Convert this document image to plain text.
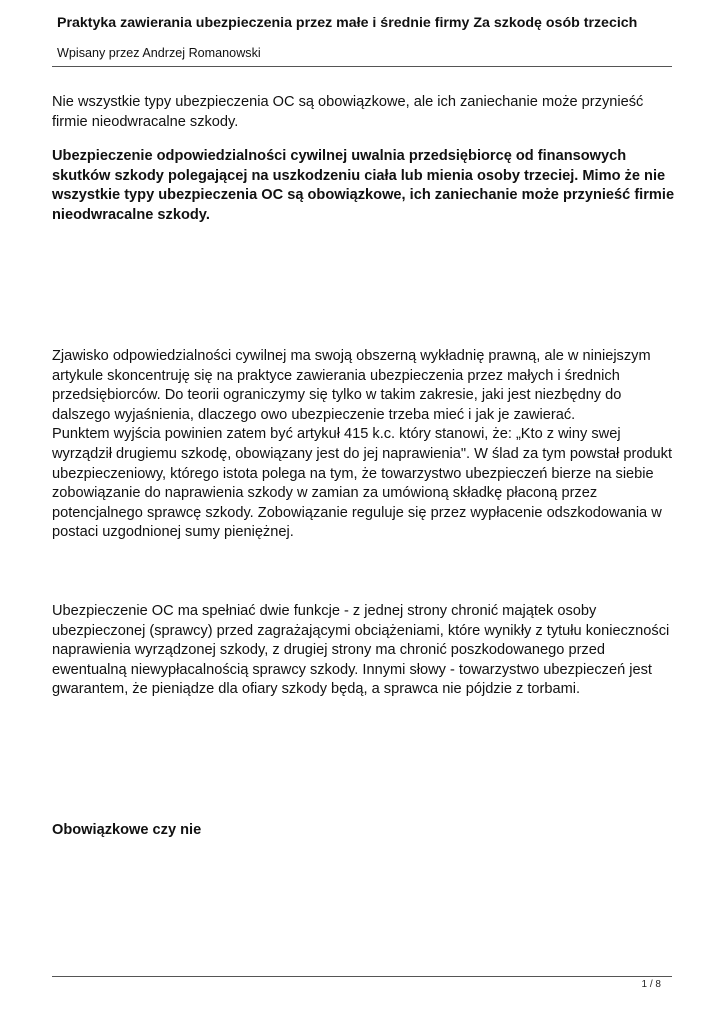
Praktyka zawierania ubezpieczenia przez małe i średnie firmy Za szkodę osób trzecich
Wpisany przez Andrzej Romanowski
Nie wszystkie typy ubezpieczenia OC są obowiązkowe, ale ich zaniechanie może przynieść firmie nieodwracalne szkody.
Ubezpieczenie odpowiedzialności cywilnej uwalnia przedsiębiorcę od finansowych skutków szkody polegającej na uszkodzeniu ciała lub mienia osoby trzeciej. Mimo że nie wszystkie typy ubezpieczenia OC są obowiązkowe, ich zaniechanie może przynieść firmie nieodwracalne szkody.
Zjawisko odpowiedzialności cywilnej ma swoją obszerną wykładnię prawną, ale w niniejszym artykule skoncentruję się na praktyce zawierania ubezpieczenia przez małych i średnich przedsiębiorców. Do teorii ograniczymy się tylko w takim zakresie, jaki jest niezbędny do dalszego wyjaśnienia, dlaczego owo ubezpieczenie trzeba mieć i jak je zawierać.
Punktem wyjścia powinien zatem być artykuł 415 k.c. który stanowi, że: „Kto z winy swej wyrządził drugiemu szkodę, obowiązany jest do jej naprawienia". W ślad za tym powstał produkt ubezpieczeniowy, którego istota polega na tym, że towarzystwo ubezpieczeń bierze na siebie zobowiązanie do naprawienia szkody w zamian za umówioną składkę płaconą przez potencjalnego sprawcę szkody. Zobowiązanie reguluje się przez wypłacenie odszkodowania w postaci uzgodnionej sumy pieniężnej.
Ubezpieczenie OC ma spełniać dwie funkcje - z jednej strony chronić majątek osoby ubezpieczonej (sprawcy) przed zagrażającymi obciążeniami, które wynikły z tytułu konieczności naprawienia wyrządzonej szkody, z drugiej strony ma chronić poszkodowanego przed ewentualną niewypłacalnością sprawcy szkody. Innymi słowy - towarzystwo ubezpieczeń jest gwarantem, że pieniądze dla ofiary szkody będą, a sprawca nie pójdzie z torbami.
Obowiązkowe czy nie
1 / 8
